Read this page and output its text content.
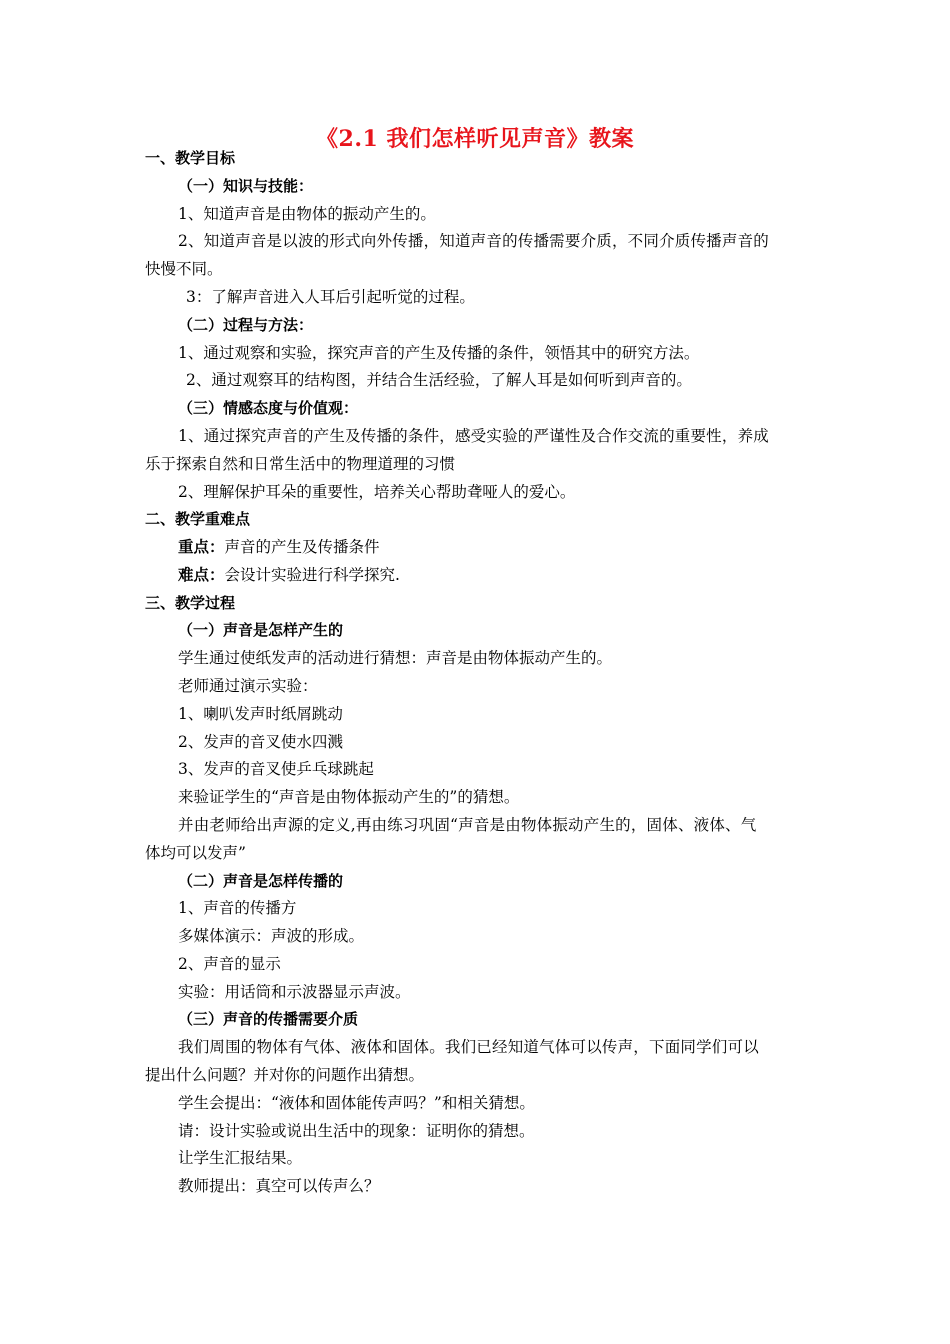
《2.1 我们怎样听见声音》教案
一、教学目标
（一）知识与技能：
1、知道声音是由物体的振动产生的。
2、知道声音是以波的形式向外传播，知道声音的传播需要介质，不同介质传播声音的
快慢不同。
3：了解声音进入人耳后引起听觉的过程。
（二）过程与方法：
1、通过观察和实验，探究声音的产生及传播的条件，领悟其中的研究方法。
2、通过观察耳的结构图，并结合生活经验，了解人耳是如何听到声音的。
（三）情感态度与价值观：
1、通过探究声音的产生及传播的条件，感受实验的严谨性及合作交流的重要性，养成
乐于探索自然和日常生活中的物理道理的习惯
2、理解保护耳朵的重要性，培养关心帮助聋哑人的爱心。
二、教学重难点
重点：声音的产生及传播条件
难点：会设计实验进行科学探究.
三、教学过程
（一）声音是怎样产生的
学生通过使纸发声的活动进行猜想：声音是由物体振动产生的。
老师通过演示实验：
1、喇叭发声时纸屑跳动
2、发声的音叉使水四溅
3、发声的音叉使乒乓球跳起
来验证学生的“声音是由物体振动产生的”的猜想。
并由老师给出声源的定义,再由练习巩固“声音是由物体振动产生的，固体、液体、气
体均可以发声”
（二）声音是怎样传播的
1、声音的传播方
多媒体演示：声波的形成。
2、声音的显示
实验：用话筒和示波器显示声波。
（三）声音的传播需要介质
我们周围的物体有气体、液体和固体。我们已经知道气体可以传声，下面同学们可以
提出什么问题？并对你的问题作出猜想。
学生会提出：“液体和固体能传声吗？”和相关猜想。
请：设计实验或说出生活中的现象：证明你的猜想。
让学生汇报结果。
教师提出：真空可以传声么？
